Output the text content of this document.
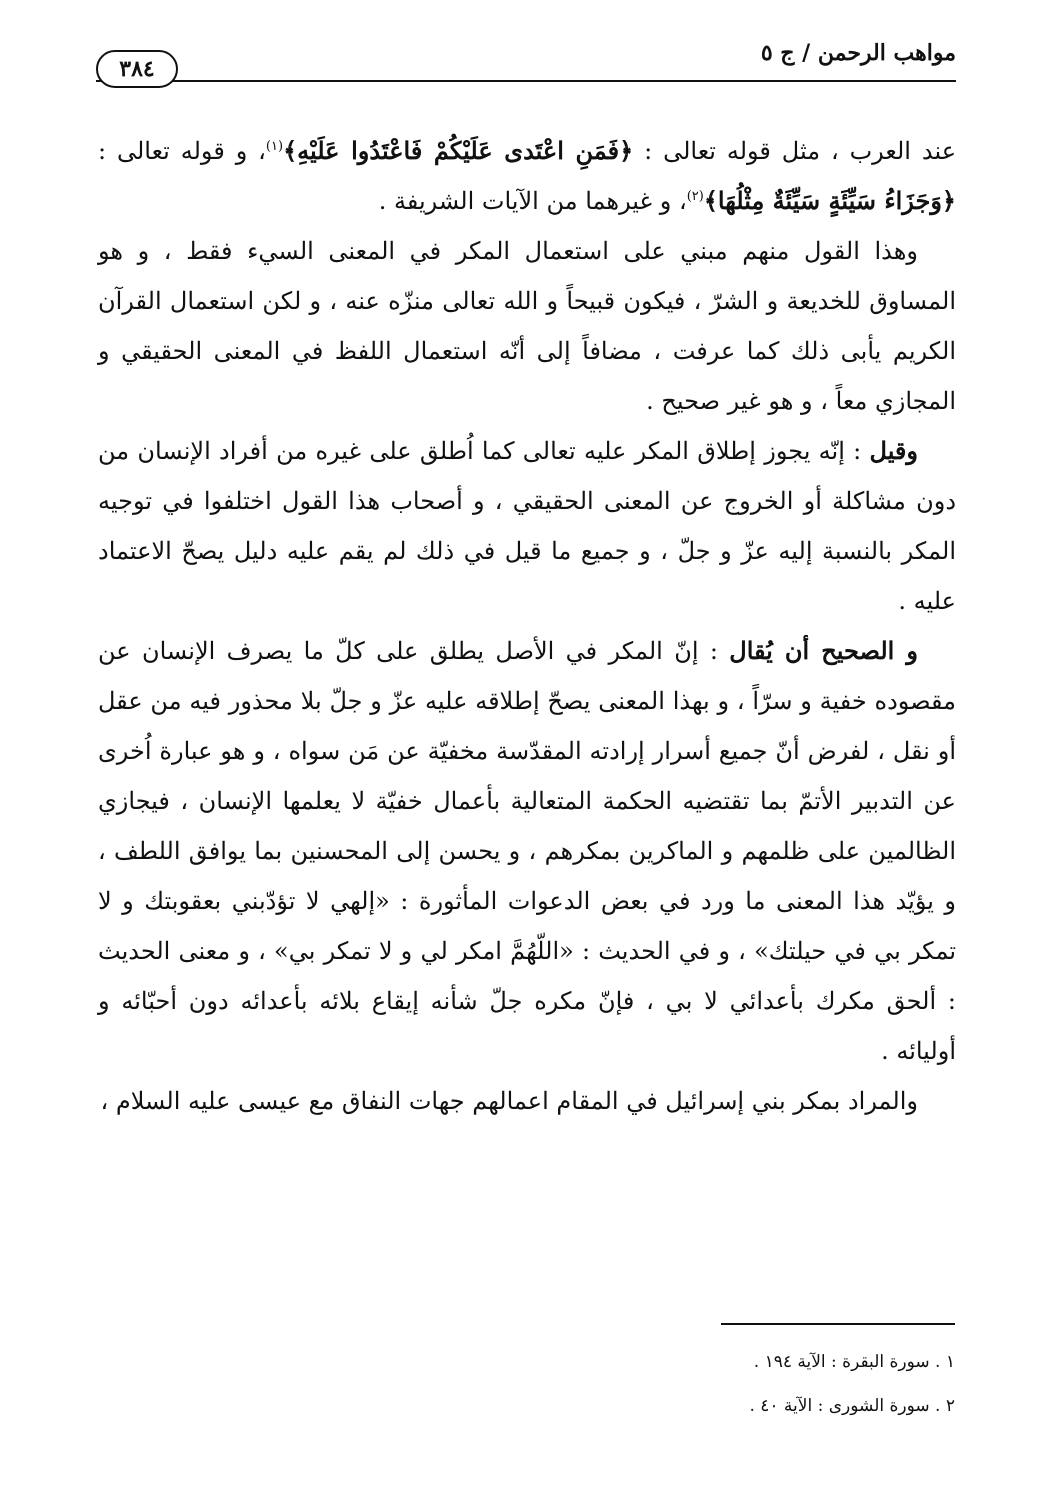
٣٨٤
مواهب الرحمن / ج ٥

عند العرب ، مثل قوله تعالى : ﴿فَمَنِ اعْتَدى عَلَيْكُمْ فَاعْتَدُوا عَلَيْهِ﴾$^{(١)}$، و قوله تعالى : ﴿وَجَزَاءُ سَيِّئَةٍ سَيِّئَةٌ مِثْلُهَا﴾$^{(٢)}$، و غيرهما من الآيات الشريفة .

وهذا القول منهم مبني على استعمال المكر في المعنى السيء فقط ، و هو المساوق للخديعة و الشرّ ، فيكون قبيحاً و الله تعالى منزّه عنه ، و لكن استعمال القرآن الكريم يأبى ذلك كما عرفت ، مضافاً إلى أنّه استعمال اللفظ في المعنى الحقيقي و المجازي معاً ، و هو غير صحيح .

وقيل : إنّه يجوز إطلاق المكر عليه تعالى كما اُطلق على غيره من أفراد الإنسان من دون مشاكلة أو الخروج عن المعنى الحقيقي ، و أصحاب هذا القول اختلفوا في توجيه المكر بالنسبة إليه عزّ و جلّ ، و جميع ما قيل في ذلك لم يقم عليه دليل يصحّ الاعتماد عليه .

و الصحيح أن يُقال : إنّ المكر في الأصل يطلق على كلّ ما يصرف الإنسان عن مقصوده خفية و سرّاً ، و بهذا المعنى يصحّ إطلاقه عليه عزّ و جلّ بلا محذور فيه من عقل أو نقل ، لفرض أنّ جميع أسرار إرادته المقدّسة مخفيّة عن مَن سواه ، و هو عبارة اُخرى عن التدبير الأتمّ بما تقتضيه الحكمة المتعالية بأعمال خفيّة لا يعلمها الإنسان ، فيجازي الظالمين على ظلمهم و الماكرين بمكرهم ، و يحسن إلى المحسنين بما يوافق اللطف ، و يؤيّد هذا المعنى ما ورد في بعض الدعوات المأثورة : «إلهي لا تؤدّبني بعقوبتك و لا تمكر بي في حيلتك» ، و في الحديث : «اللّهُمَّ امكر لي و لا تمكر بي» ، و معنى الحديث : ألحق مكرك بأعدائي لا بي ، فإنّ مكره جلّ شأنه إيقاع بلائه بأعدائه دون أحبّائه و أوليائه .

والمراد بمكر بني إسرائيل في المقام اعمالهم جهات النفاق مع عيسى عليه السلام ،

١ . سورة البقرة : الآية ١٩٤ .

٢ . سورة الشورى : الآية ٤٠ .
